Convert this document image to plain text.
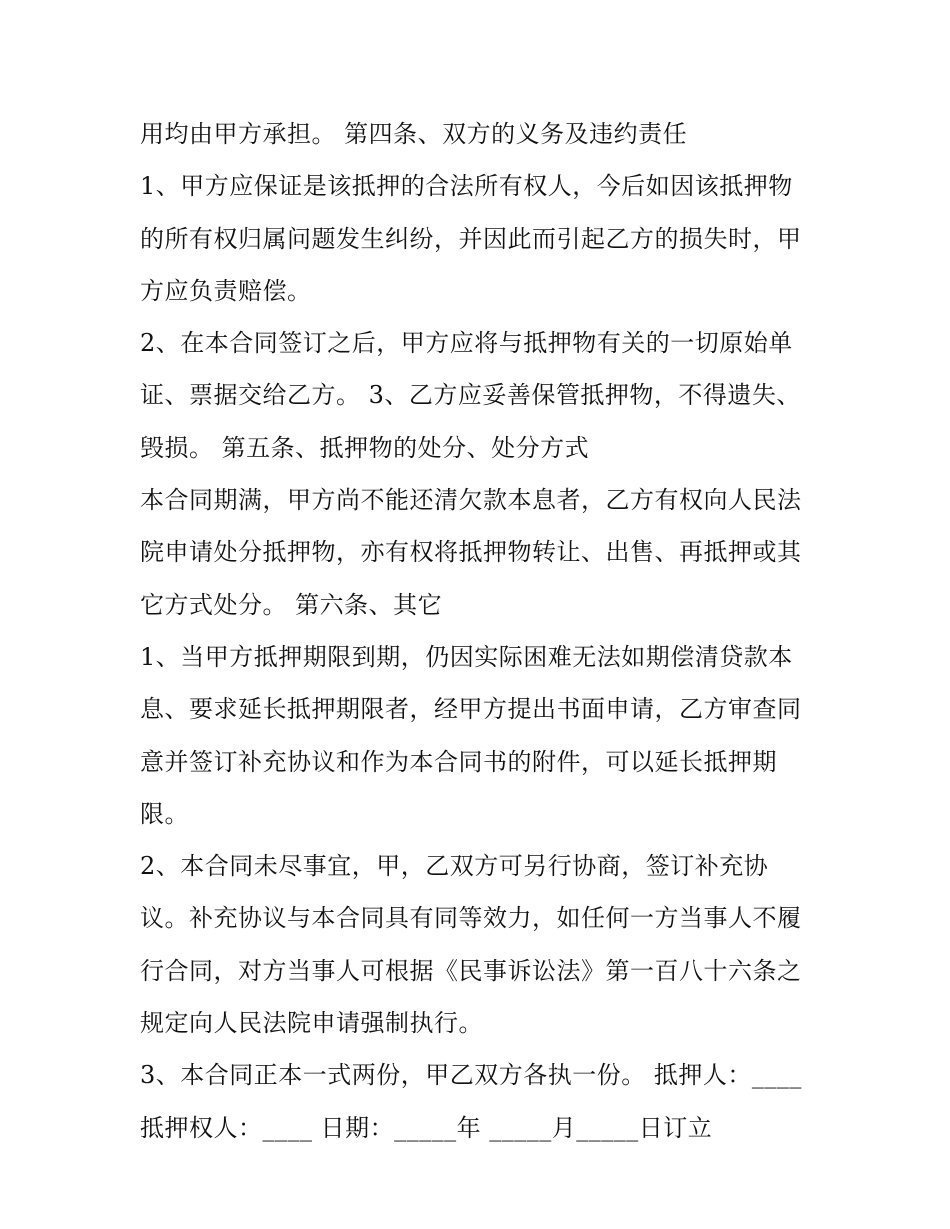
用均由甲方承担。 第四条、双方的义务及违约责任
1、甲方应保证是该抵押的合法所有权人，今后如因该抵押物
的所有权归属问题发生纠纷，并因此而引起乙方的损失时，甲
方应负责赔偿。
2、在本合同签订之后，甲方应将与抵押物有关的一切原始单
证、票据交给乙方。 3、乙方应妥善保管抵押物，不得遗失、
毁损。 第五条、抵押物的处分、处分方式
本合同期满，甲方尚不能还清欠款本息者，乙方有权向人民法
院申请处分抵押物，亦有权将抵押物转让、出售、再抵押或其
它方式处分。 第六条、其它
1、当甲方抵押期限到期，仍因实际困难无法如期偿清贷款本
息、要求延长抵押期限者，经甲方提出书面申请，乙方审查同
意并签订补充协议和作为本合同书的附件，可以延长抵押期
限。
2、本合同未尽事宜，甲，乙双方可另行协商，签订补充协
议。补充协议与本合同具有同等效力，如任何一方当事人不履
行合同，对方当事人可根据《民事诉讼法》第一百八十六条之
规定向人民法院申请强制执行。
3、本合同正本一式两份，甲乙双方各执一份。 抵押人：____
抵押权人：____ 日期：_____年 _____月_____日订立
